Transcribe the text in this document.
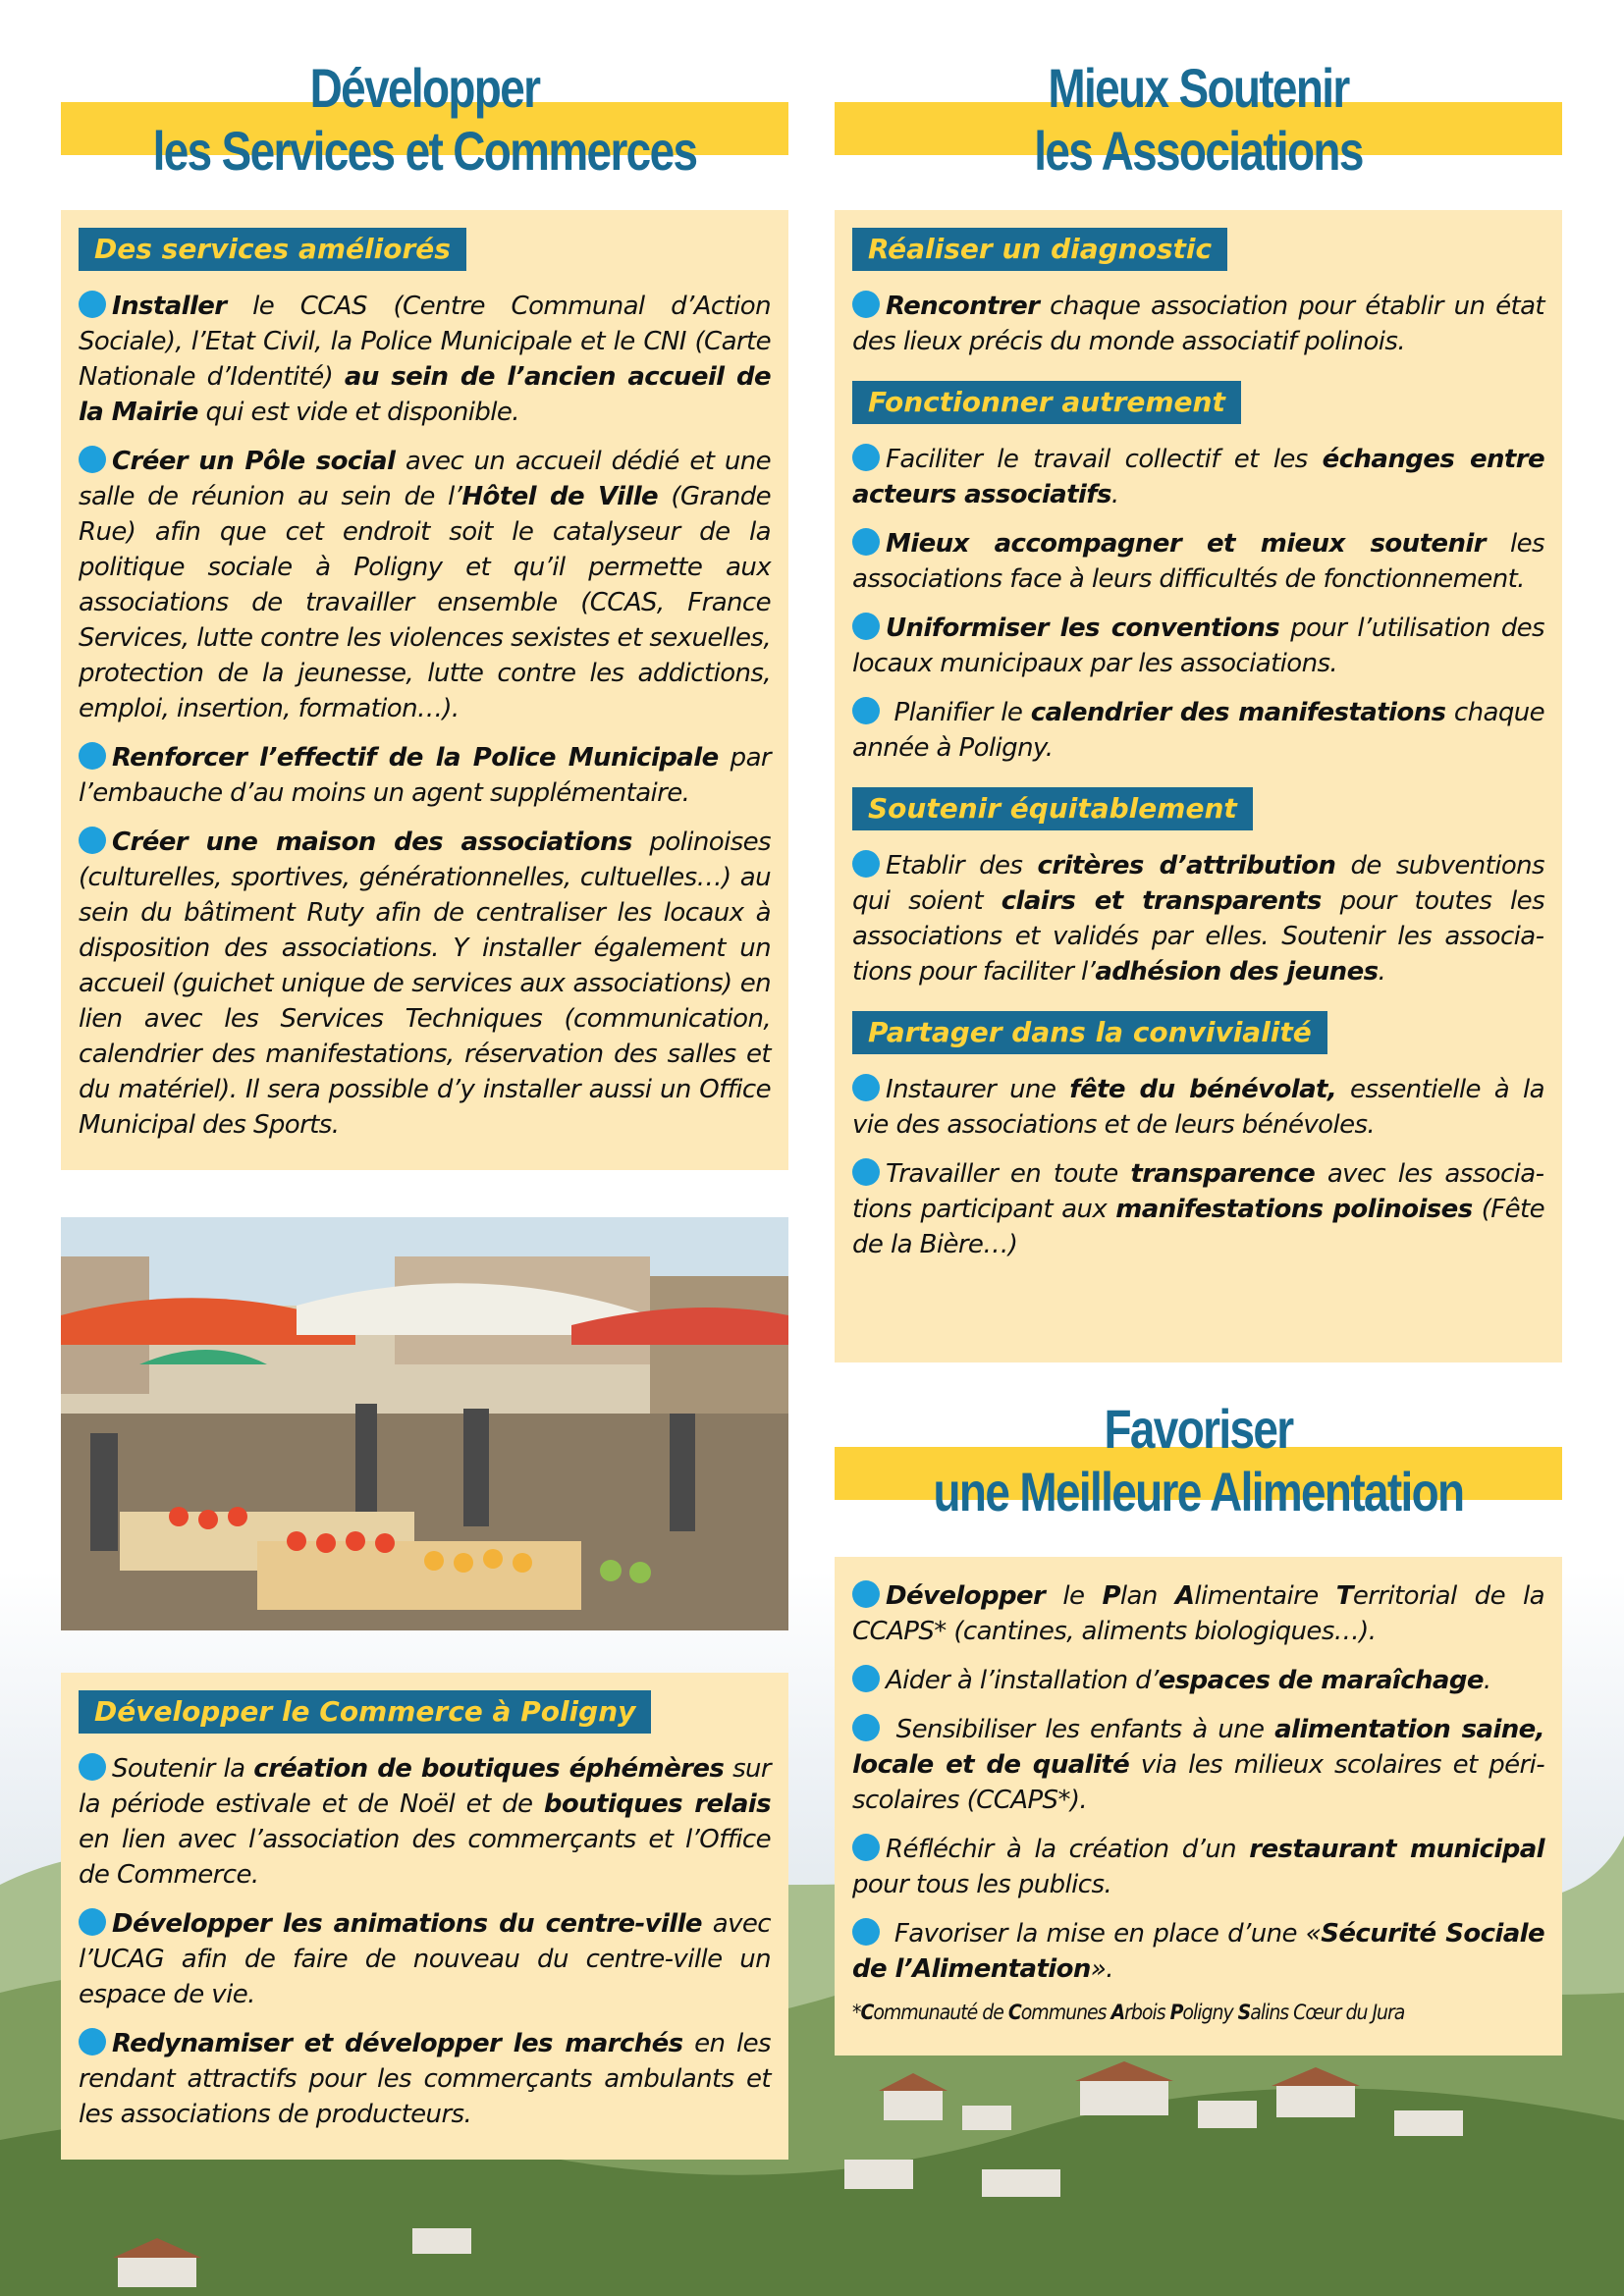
Développer
les Services et Commerces
Des services améliorés
Installer le CCAS (Centre Communal d’Action Sociale), l’Etat Civil, la Police Municipale et le CNI (Carte Nationale d’Identité) au sein de l’ancien accueil de la Mairie qui est vide et disponible.
Créer un Pôle social avec un accueil dédié et une salle de réunion au sein de l’Hôtel de Ville (Grande Rue) afin que cet endroit soit le catalyseur de la politique sociale à Poligny et qu’il permette aux associations de travailler ensemble (CCAS, France Services, lutte contre les violences sexistes et sexuelles, protection de la jeunesse, lutte contre les addictions, emploi, insertion, formation…).
Renforcer l’effectif de la Police Municipale par l’embauche d’au moins un agent supplémentaire.
Créer une maison des associations polinoises (culturelles, sportives, générationnelles, cultuelles…) au sein du bâtiment Ruty afin de centraliser les locaux à disposition des associations. Y installer également un accueil (guichet unique de services aux associations) en lien avec les Services Techniques (communication, calendrier des manifestations, réservation des salles et du matériel). Il sera possible d’y installer aussi un Office Municipal des Sports.
Développer le Commerce à Poligny
Soutenir la création de boutiques éphémères sur la période estivale et de Noël et de boutiques relais en lien avec l’association des commerçants et l’Office de Commerce.
Développer les animations du centre-ville avec l’UCAG afin de faire de nouveau du centre-ville un espace de vie.
Redynamiser et développer les marchés en les rendant attractifs pour les commerçants ambulants et les associations de producteurs.
Mieux Soutenir
les Associations
Réaliser un diagnostic
Rencontrer chaque association pour établir un état des lieux précis du monde associatif polinois.
Fonctionner autrement
Faciliter le travail collectif et les échanges entre acteurs associatifs.
Mieux accompagner et mieux soutenir les associations face à leurs difficultés de fonctionnement.
Uniformiser les conventions pour l’utilisation des locaux municipaux par les associations.
Planifier le calendrier des manifestations chaque année à Poligny.
Soutenir équitablement
Etablir des critères d’attribution de subventions qui soient clairs et transparents pour toutes les associations et validés par elles. Soutenir les associations pour faciliter l’adhésion des jeunes.
Partager dans la convivialité
Instaurer une fête du bénévolat, essentielle à la vie des associations et de leurs bénévoles.
Travailler en toute transparence avec les associations participant aux manifestations polinoises (Fête de la Bière…)
Favoriser
une Meilleure Alimentation
Développer le Plan Alimentaire Territorial de la CCAPS* (cantines, aliments biologiques…).
Aider à l’installation d’espaces de maraîchage.
Sensibiliser les enfants à une alimentation saine, locale et de qualité via les milieux scolaires et péri-scolaires (CCAPS*).
Réfléchir à la création d’un restaurant municipal pour tous les publics.
Favoriser la mise en place d’une «Sécurité Sociale de l’Alimentation».
*Communauté de Communes Arbois Poligny Salins Cœur du Jura
